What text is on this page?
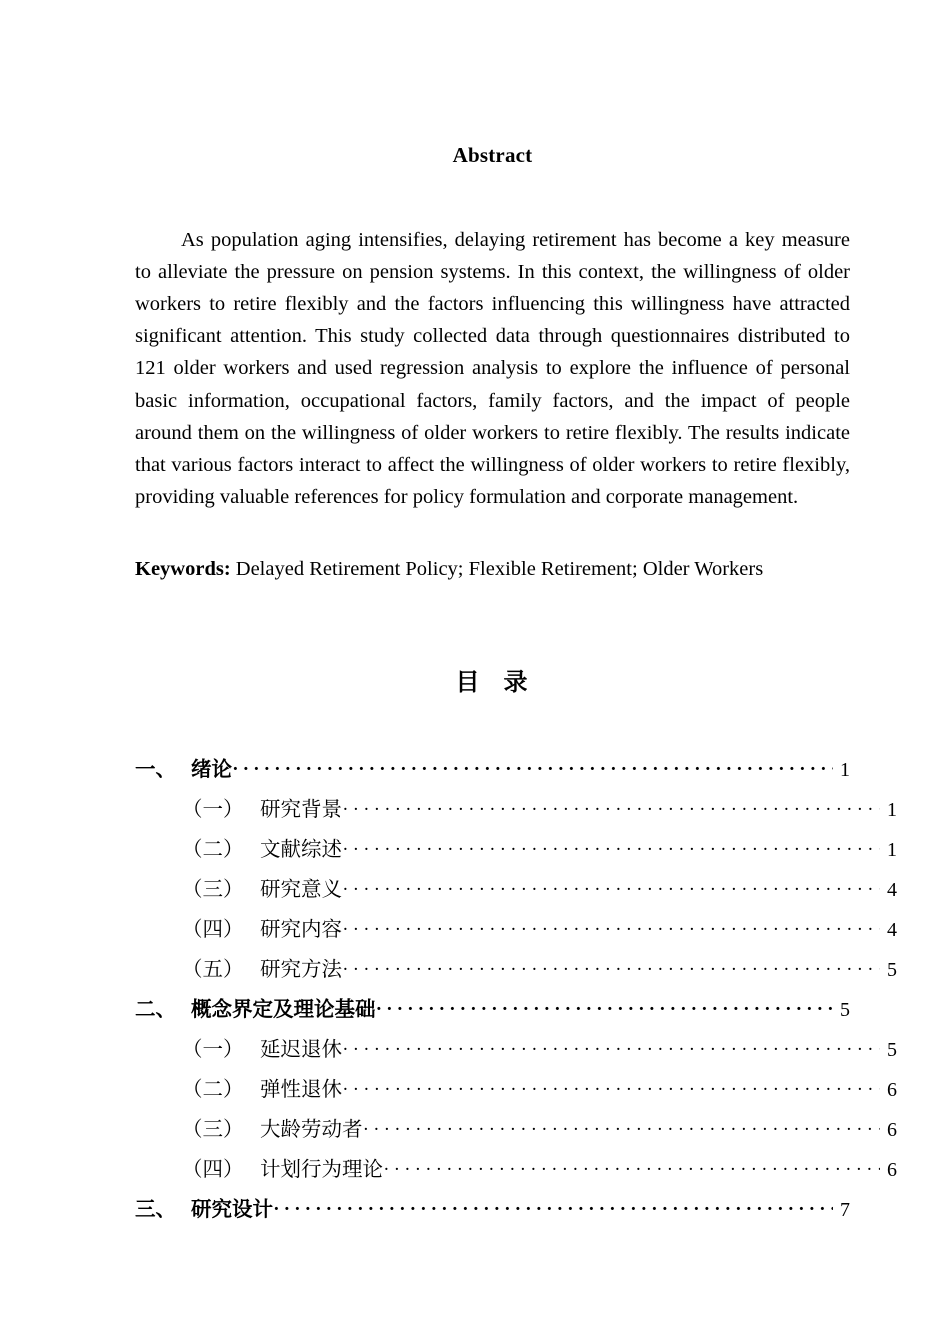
Abstract

As population aging intensifies, delaying retirement has become a key measure to alleviate the pressure on pension systems. In this context, the willingness of older workers to retire flexibly and the factors influencing this willingness have attracted significant attention. This study collected data through questionnaires distributed to 121 older workers and used regression analysis to explore the influence of personal basic information, occupational factors, family factors, and the impact of people around them on the willingness of older workers to retire flexibly. The results indicate that various factors interact to affect the willingness of older workers to retire flexibly, providing valuable references for policy formulation and corporate management.

Keywords: Delayed Retirement Policy; Flexible Retirement; Older Workers
目 录
一、 绪论 . . .	1
（一） 研究背景 . . .	1
（二） 文献综述 . . .	1
（三） 研究意义 . . .	4
（四） 研究内容 . . .	4
（五） 研究方法 . . .	5
二、 概念界定及理论基础 . . .	5
（一） 延迟退休 . . .	5
（二） 弹性退休 . . .	6
（三） 大龄劳动者 . . .	6
（四） 计划行为理论 . . .	6
三、 研究设计 . . .	7
